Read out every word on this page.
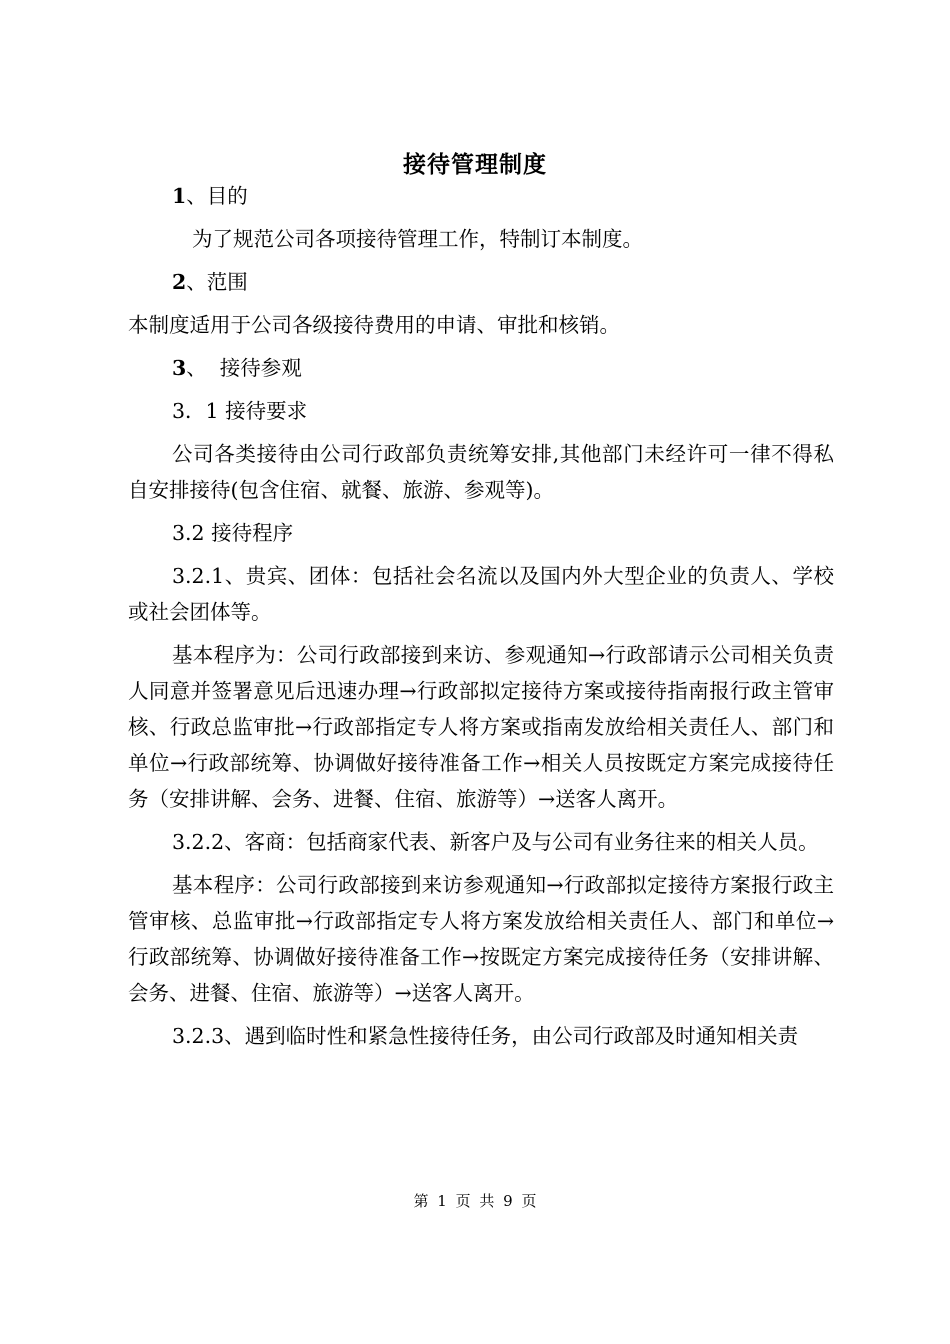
接待管理制度
1、目的
为了规范公司各项接待管理工作，特制订本制度。
2、范围
本制度适用于公司各级接待费用的申请、审批和核销。
3、  接待参观
3．1 接待要求
公司各类接待由公司行政部负责统筹安排,其他部门未经许可一律不得私自安排接待(包含住宿、就餐、旅游、参观等)。
3.2 接待程序
3.2.1、贵宾、团体：包括社会名流以及国内外大型企业的负责人、学校或社会团体等。
基本程序为：公司行政部接到来访、参观通知→行政部请示公司相关负责人同意并签署意见后迅速办理→行政部拟定接待方案或接待指南报行政主管审核、行政总监审批→行政部指定专人将方案或指南发放给相关责任人、部门和单位→行政部统筹、协调做好接待准备工作→相关人员按既定方案完成接待任务（安排讲解、会务、进餐、住宿、旅游等）→送客人离开。
3.2.2、客商：包括商家代表、新客户及与公司有业务往来的相关人员。
基本程序：公司行政部接到来访参观通知→行政部拟定接待方案报行政主管审核、总监审批→行政部指定专人将方案发放给相关责任人、部门和单位→行政部统筹、协调做好接待准备工作→按既定方案完成接待任务（安排讲解、会务、进餐、住宿、旅游等）→送客人离开。
3.2.3、遇到临时性和紧急性接待任务，由公司行政部及时通知相关责
第 1 页 共 9 页
